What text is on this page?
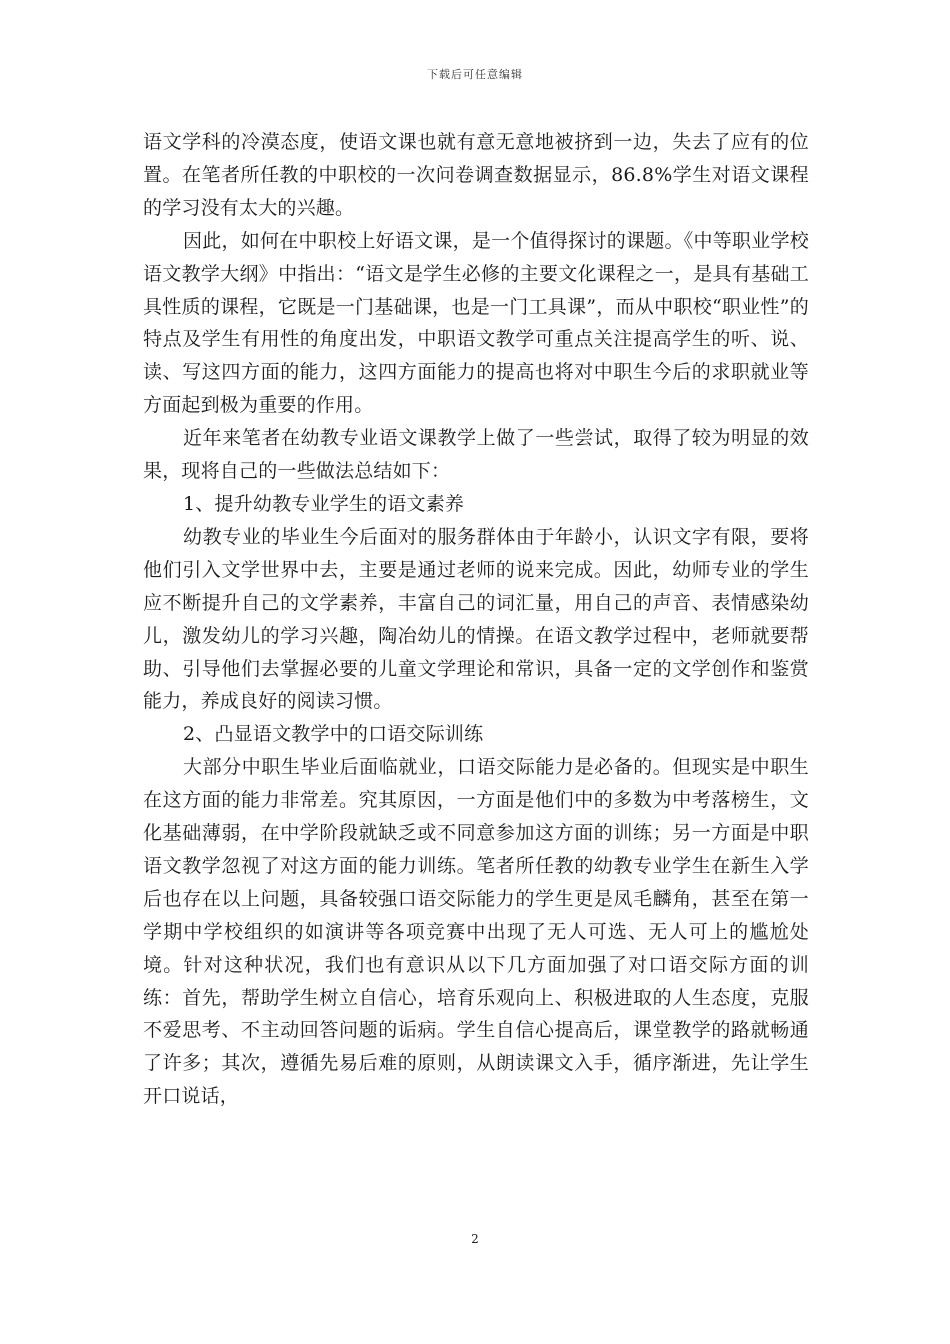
下载后可任意编辑

语文学科的冷漠态度，使语文课也就有意无意地被挤到一边，失去了应有的位置。在笔者所任教的中职校的一次问卷调查数据显示，86.8%学生对语文课程的学习没有太大的兴趣。

因此，如何在中职校上好语文课，是一个值得探讨的课题。《中等职业学校语文教学大纲》中指出：“语文是学生必修的主要文化课程之一，是具有基础工具性质的课程，它既是一门基础课，也是一门工具课”，而从中职校“职业性”的特点及学生有用性的角度出发，中职语文教学可重点关注提高学生的听、说、读、写这四方面的能力，这四方面能力的提高也将对中职生今后的求职就业等方面起到极为重要的作用。

近年来笔者在幼教专业语文课教学上做了一些尝试，取得了较为明显的效果，现将自己的一些做法总结如下：

1、提升幼教专业学生的语文素养

幼教专业的毕业生今后面对的服务群体由于年龄小，认识文字有限，要将他们引入文学世界中去，主要是通过老师的说来完成。因此，幼师专业的学生应不断提升自己的文学素养，丰富自己的词汇量，用自己的声音、表情感染幼儿，激发幼儿的学习兴趣，陶冶幼儿的情操。在语文教学过程中，老师就要帮助、引导他们去掌握必要的儿童文学理论和常识，具备一定的文学创作和鉴赏能力，养成良好的阅读习惯。

2、凸显语文教学中的口语交际训练

大部分中职生毕业后面临就业，口语交际能力是必备的。但现实是中职生在这方面的能力非常差。究其原因，一方面是他们中的多数为中考落榜生，文化基础薄弱，在中学阶段就缺乏或不同意参加这方面的训练；另一方面是中职语文教学忽视了对这方面的能力训练。笔者所任教的幼教专业学生在新生入学后也存在以上问题，具备较强口语交际能力的学生更是凤毛麟角，甚至在第一学期中学校组织的如演讲等各项竞赛中出现了无人可选、无人可上的尴尬处境。针对这种状况，我们也有意识从以下几方面加强了对口语交际方面的训练：首先，帮助学生树立自信心，培育乐观向上、积极进取的人生态度，克服不爱思考、不主动回答问题的诟病。学生自信心提高后，课堂教学的路就畅通了许多；其次，遵循先易后难的原则，从朗读课文入手，循序渐进，先让学生开口说话，

2
